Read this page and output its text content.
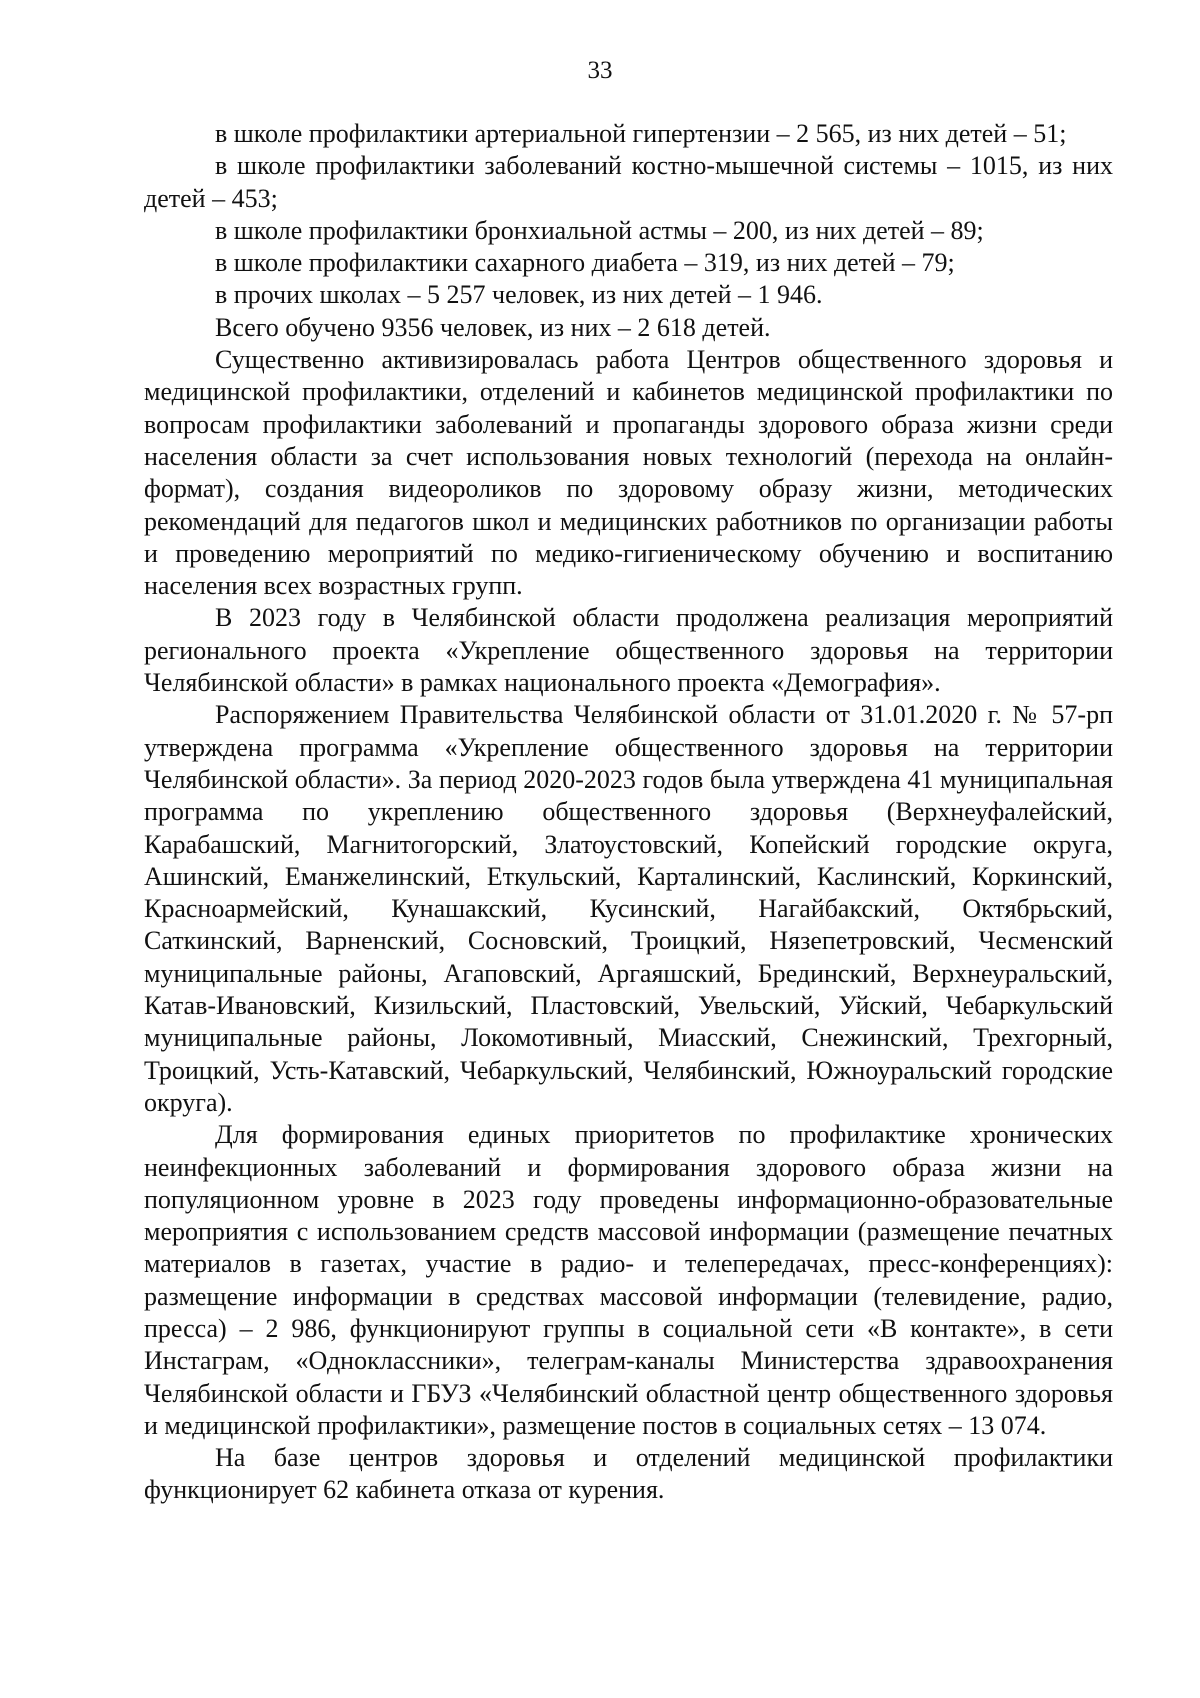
33

в школе профилактики артериальной гипертензии – 2 565, из них детей – 51;

в школе профилактики заболеваний костно-мышечной системы – 1015, из них детей – 453;

в школе профилактики бронхиальной астмы – 200, из них детей – 89;

в школе профилактики сахарного диабета – 319, из них детей – 79;

в прочих школах – 5 257 человек, из них детей – 1 946.

Всего обучено 9356 человек, из них – 2 618 детей.

Существенно активизировалась работа Центров общественного здоровья и медицинской профилактики, отделений и кабинетов медицинской профилактики по вопросам профилактики заболеваний и пропаганды здорового образа жизни среди населения области за счет использования новых технологий (перехода на онлайн-формат), создания видеороликов по здоровому образу жизни, методических рекомендаций для педагогов школ и медицинских работников по организации работы и проведению мероприятий по медико-гигиеническому обучению и воспитанию населения всех возрастных групп.

В 2023 году в Челябинской области продолжена реализация мероприятий регионального проекта «Укрепление общественного здоровья на территории Челябинской области» в рамках национального проекта «Демография».

Распоряжением Правительства Челябинской области от 31.01.2020 г. № 57-рп утверждена программа «Укрепление общественного здоровья на территории Челябинской области». За период 2020-2023 годов была утверждена 41 муниципальная программа по укреплению общественного здоровья (Верхнеуфалейский, Карабашский, Магнитогорский, Златоустовский, Копейский городские округа, Ашинский, Еманжелинский, Еткульский, Карталинский, Каслинский, Коркинский, Красноармейский, Кунашакский, Кусинский, Нагайбакский, Октябрьский, Саткинский, Варненский, Сосновский, Троицкий, Нязепетровский, Чесменский муниципальные районы, Агаповский, Аргаяшский, Брединский, Верхнеуральский, Катав-Ивановский, Кизильский, Пластовский, Увельский, Уйский, Чебаркульский муниципальные районы, Локомотивный, Миасский, Снежинский, Трехгорный, Троицкий, Усть-Катавский, Чебаркульский, Челябинский, Южноуральский городские округа).

Для формирования единых приоритетов по профилактике хронических неинфекционных заболеваний и формирования здорового образа жизни на популяционном уровне в 2023 году проведены информационно-образовательные мероприятия с использованием средств массовой информации (размещение печатных материалов в газетах, участие в радио- и телепередачах, пресс-конференциях): размещение информации в средствах массовой информации (телевидение, радио, пресса) – 2 986, функционируют группы в социальной сети «В контакте», в сети Инстаграм, «Одноклассники», телеграм-каналы Министерства здравоохранения Челябинской области и ГБУЗ «Челябинский областной центр общественного здоровья и медицинской профилактики», размещение постов в социальных сетях – 13 074.

На базе центров здоровья и отделений медицинской профилактики функционирует 62 кабинета отказа от курения.
